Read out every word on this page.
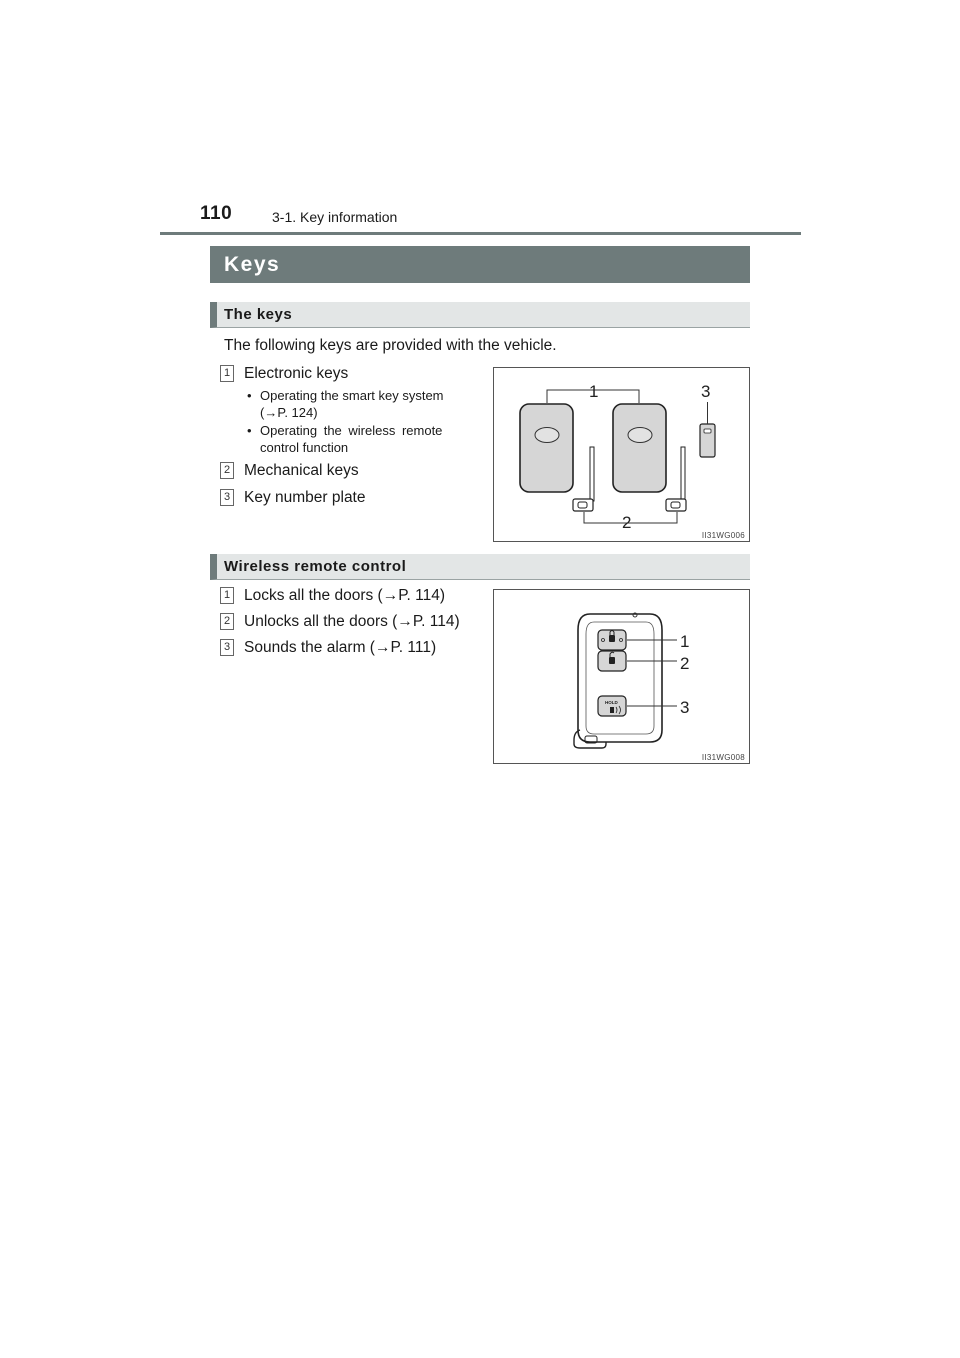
110	3-1. Key information
Keys
The keys
The following keys are provided with the vehicle.
1 Electronic keys
• Operating the smart key system
(→P. 124)
• Operating the wireless remote
control function
2 Mechanical keys
3 Key number plate
1
2
3
II31WG006
Wireless remote control
1 Locks all the doors (→P. 114)
2 Unlocks all the doors (→P. 114)
3 Sounds the alarm (→P. 111)
HOLD
1
2
3
II31WG008
